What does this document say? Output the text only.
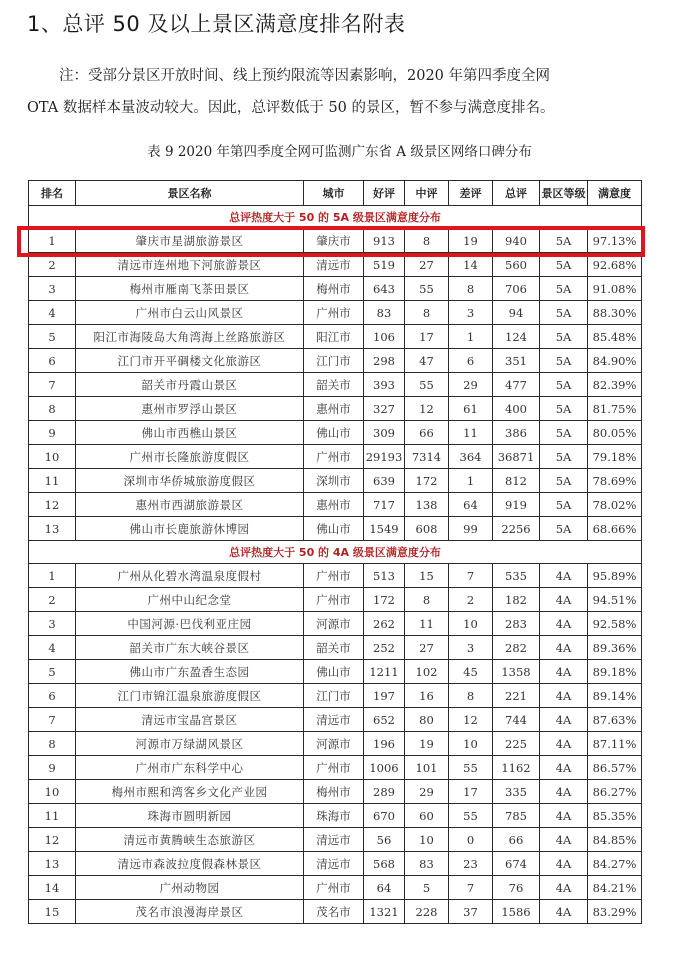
1、总评 50 及以上景区满意度排名附表
注：受部分景区开放时间、线上预约限流等因素影响，2020 年第四季度全网
OTA 数据样本量波动较大。因此，总评数低于 50 的景区，暂不参与满意度排名。
表 9 2020 年第四季度全网可监测广东省 A 级景区网络口碑分布
排名	景区名称	城市	好评	中评	差评	总评	景区等级	满意度
总评热度大于 50 的 5A 级景区满意度分布								
1	肇庆市星湖旅游景区	肇庆市	913	8	19	940	5A	97.13%
2	清远市连州地下河旅游景区	清远市	519	27	14	560	5A	92.68%
3	梅州市雁南飞茶田景区	梅州市	643	55	8	706	5A	91.08%
4	广州市白云山风景区	广州市	83	8	3	94	5A	88.30%
5	阳江市海陵岛大角湾海上丝路旅游区	阳江市	106	17	1	124	5A	85.48%
6	江门市开平碉楼文化旅游区	江门市	298	47	6	351	5A	84.90%
7	韶关市丹霞山景区	韶关市	393	55	29	477	5A	82.39%
8	惠州市罗浮山景区	惠州市	327	12	61	400	5A	81.75%
9	佛山市西樵山景区	佛山市	309	66	11	386	5A	80.05%
10	广州市长隆旅游度假区	广州市	29193	7314	364	36871	5A	79.18%
11	深圳市华侨城旅游度假区	深圳市	639	172	1	812	5A	78.69%
12	惠州市西湖旅游景区	惠州市	717	138	64	919	5A	78.02%
13	佛山市长鹿旅游休博园	佛山市	1549	608	99	2256	5A	68.66%
总评热度大于 50 的 4A 级景区满意度分布								
1	广州从化碧水湾温泉度假村	广州市	513	15	7	535	4A	95.89%
2	广州中山纪念堂	广州市	172	8	2	182	4A	94.51%
3	中国河源·巴伐利亚庄园	河源市	262	11	10	283	4A	92.58%
4	韶关市广东大峡谷景区	韶关市	252	27	3	282	4A	89.36%
5	佛山市广东盈香生态园	佛山市	1211	102	45	1358	4A	89.18%
6	江门市锦江温泉旅游度假区	江门市	197	16	8	221	4A	89.14%
7	清远市宝晶宫景区	清远市	652	80	12	744	4A	87.63%
8	河源市万绿湖风景区	河源市	196	19	10	225	4A	87.11%
9	广州市广东科学中心	广州市	1006	101	55	1162	4A	86.57%
10	梅州市熙和湾客乡文化产业园	梅州市	289	29	17	335	4A	86.27%
11	珠海市圆明新园	珠海市	670	60	55	785	4A	85.35%
12	清远市黄腾峡生态旅游区	清远市	56	10	0	66	4A	84.85%
13	清远市森波拉度假森林景区	清远市	568	83	23	674	4A	84.27%
14	广州动物园	广州市	64	5	7	76	4A	84.21%
15	茂名市浪漫海岸景区	茂名市	1321	228	37	1586	4A	83.29%
